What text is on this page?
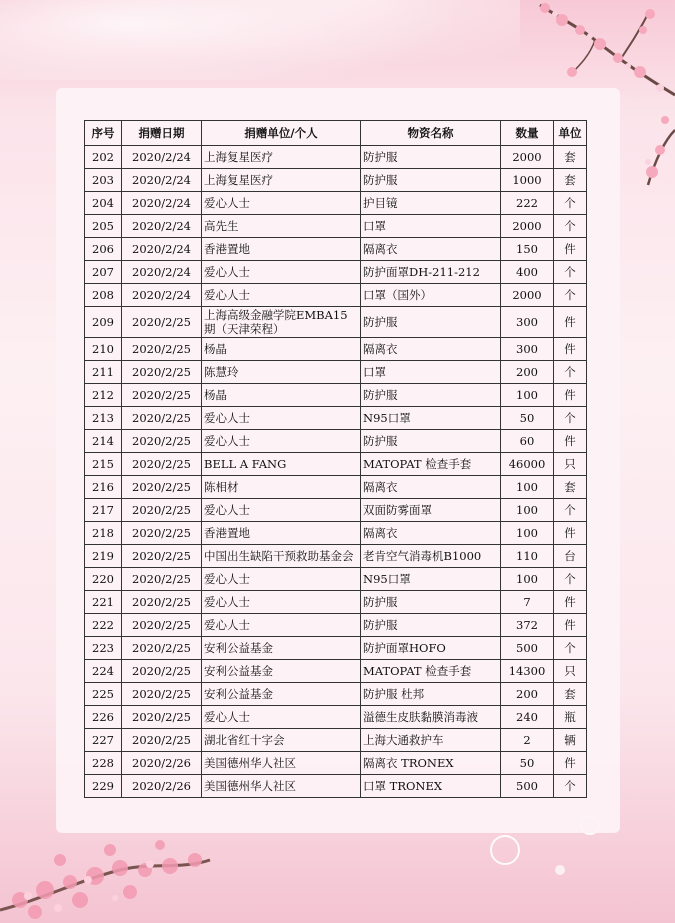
序号	捐赠日期	捐赠单位/个人	物资名称	数量	单位
202	2020/2/24	上海复星医疗	防护服	2000	套
203	2020/2/24	上海复星医疗	防护服	1000	套
204	2020/2/24	爱心人士	护目镜	222	个
205	2020/2/24	高先生	口罩	2000	个
206	2020/2/24	香港置地	隔离衣	150	件
207	2020/2/24	爱心人士	防护面罩DH-211-212	400	个
208	2020/2/24	爱心人士	口罩（国外）	2000	个
209	2020/2/25	上海高级金融学院EMBA15期（天津荣程）	防护服	300	件
210	2020/2/25	杨晶	隔离衣	300	件
211	2020/2/25	陈慧玲	口罩	200	个
212	2020/2/25	杨晶	防护服	100	件
213	2020/2/25	爱心人士	N95口罩	50	个
214	2020/2/25	爱心人士	防护服	60	件
215	2020/2/25	BELL A FANG	MATOPAT 检查手套	46000	只
216	2020/2/25	陈相材	隔离衣	100	套
217	2020/2/25	爱心人士	双面防雾面罩	100	个
218	2020/2/25	香港置地	隔离衣	100	件
219	2020/2/25	中国出生缺陷干预救助基金会	老肯空气消毒机B1000	110	台
220	2020/2/25	爱心人士	N95口罩	100	个
221	2020/2/25	爱心人士	防护服	7	件
222	2020/2/25	爱心人士	防护服	372	件
223	2020/2/25	安利公益基金	防护面罩HOFO	500	个
224	2020/2/25	安利公益基金	MATOPAT 检查手套	14300	只
225	2020/2/25	安利公益基金	防护服 杜邦	200	套
226	2020/2/25	爱心人士	溢德生皮肤黏膜消毒液	240	瓶
227	2020/2/25	湖北省红十字会	上海大通救护车	2	辆
228	2020/2/26	美国德州华人社区	隔离衣 TRONEX	50	件
229	2020/2/26	美国德州华人社区	口罩 TRONEX	500	个
